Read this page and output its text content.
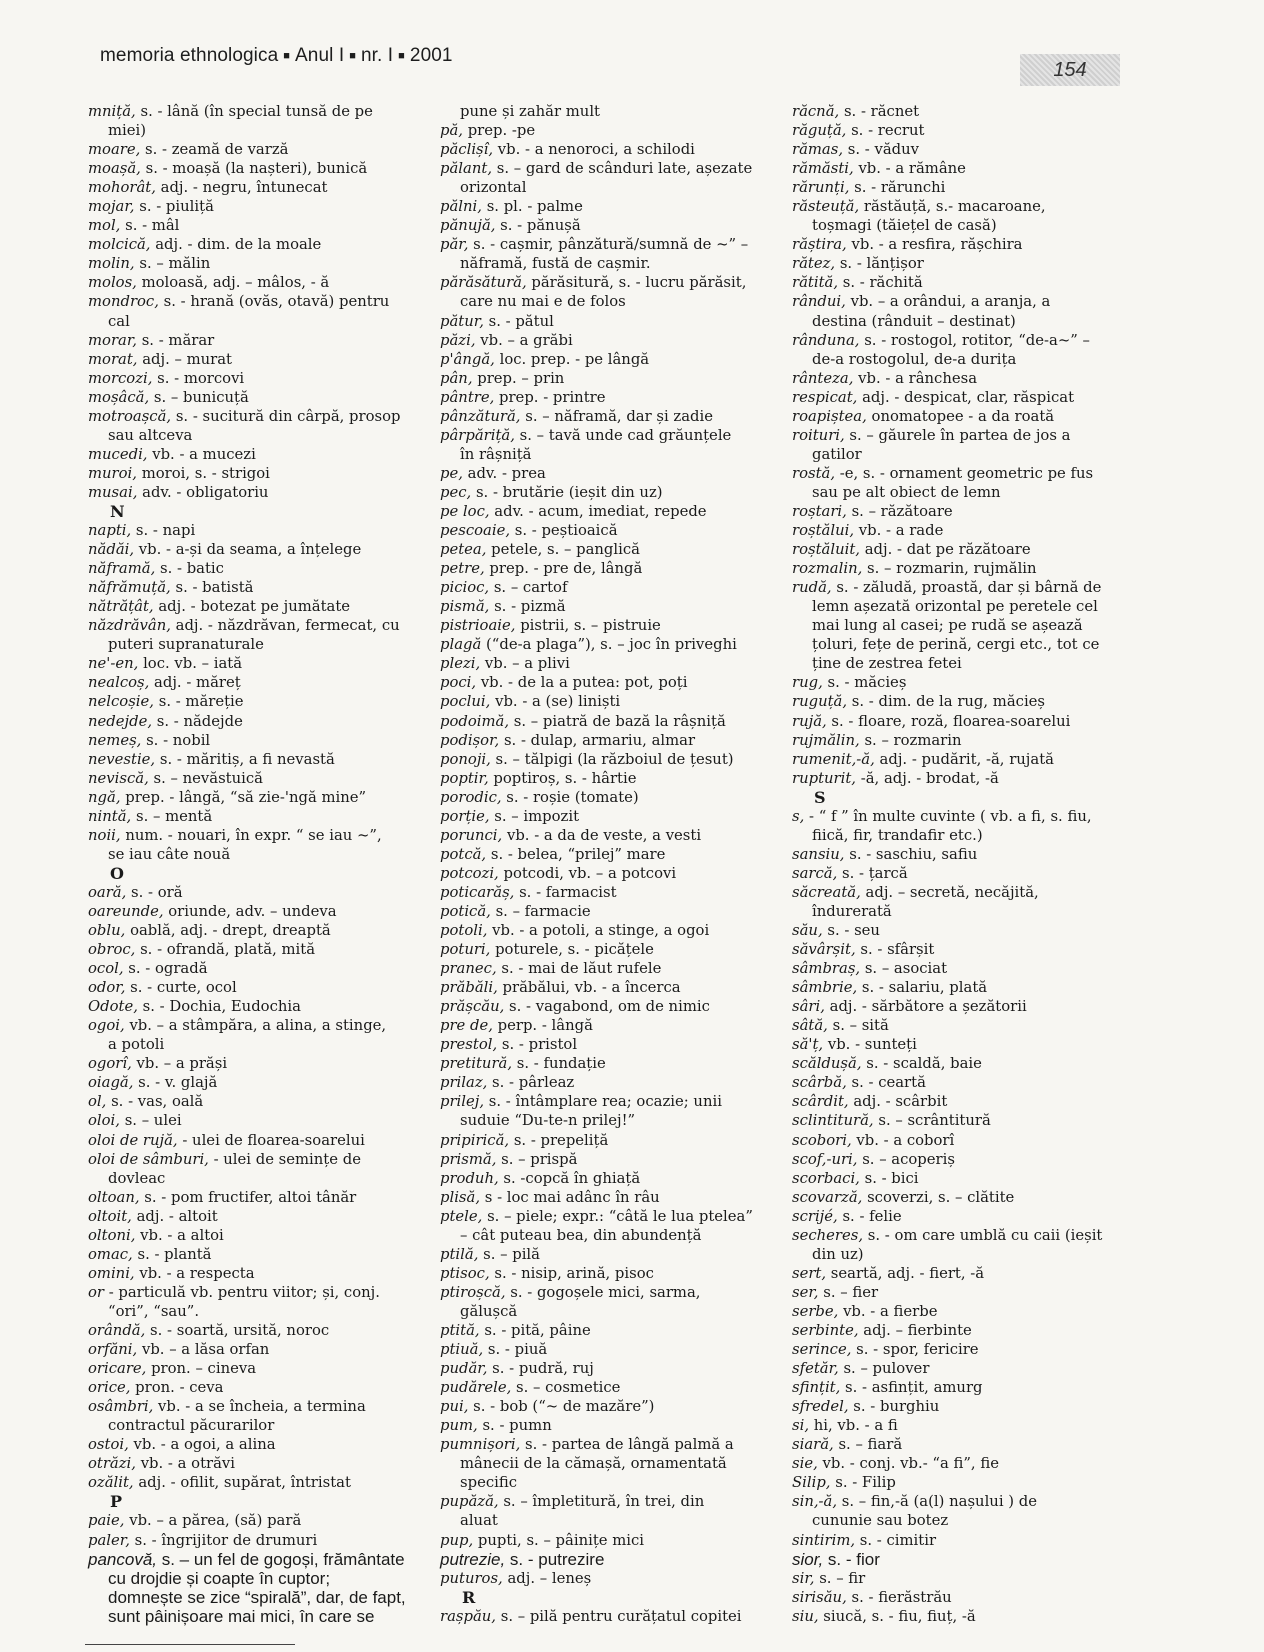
memoria ethnologica ■ Anul I ■ nr. I ■ 2001
154
mniță, s. - lână (în special tunsă de pe
miei)
moare, s. - zeamă de varză
moașă, s. - moașă (la nașteri), bunică
mohorât, adj. - negru, întunecat
mojar, s. - piuliță
mol, s. - mâl
molcică, adj. - dim. de la moale
molin, s. – mălin
molos, moloasă, adj. – mâlos, - ă
mondroc, s. - hrană (ovăs, otavă) pentru
cal
morar, s. - mărar
morat, adj. – murat
morcozi, s. - morcovi
moșâcă, s. – bunicuță
motroașcă, s. - sucitură din cârpă, prosop
sau altceva
mucedi, vb. - a mucezi
muroi, moroi, s. - strigoi
musai, adv. - obligatoriu
N
napti, s. - napi
nădăi, vb. - a-și da seama, a înțelege
năframă, s. - batic
năfrămuță, s. - batistă
nătrățât, adj. - botezat pe jumătate
năzdrăvân, adj. - năzdrăvan, fermecat, cu
puteri supranaturale
ne'-en, loc. vb. – iată
nealcoș, adj. - măreț
nelcoșie, s. - măreție
nedejde, s. - nădejde
nemeș, s. - nobil
nevestie, s. - măritiș, a fi nevastă
neviscă, s. – nevăstuică
ngă, prep. - lângă, “să zie-'ngă mine”
nintă, s. – mentă
noii, num. - nouari, în expr. “ se iau ~”,
se iau câte nouă
O
oară, s. - oră
oareunde, oriunde, adv. – undeva
oblu, oablă, adj. - drept, dreaptă
obroc, s. - ofrandă, plată, mită
ocol, s. - ogradă
odor, s. - curte, ocol
Odote, s. - Dochia, Eudochia
ogoi, vb. – a stâmpăra, a alina, a stinge,
a potoli
ogorî, vb. – a prăși
oiagă, s. - v. glajă
ol, s. - vas, oală
oloi, s. – ulei
oloi de rujă, - ulei de floarea-soarelui
oloi de sâmburi, - ulei de semințe de
dovleac
oltoan, s. - pom fructifer, altoi tânăr
oltoit, adj. - altoit
oltoni, vb. - a altoi
omac, s. - plantă
omini, vb. - a respecta
or - particulă vb. pentru viitor; și, conj.
“ori”, “sau”.
orândă, s. - soartă, ursită, noroc
orfăni, vb. – a lăsa orfan
oricare, pron. – cineva
orice, pron. - ceva
osâmbri, vb. - a se încheia, a termina
contractul păcurarilor
ostoi, vb. - a ogoi, a alina
otrăzi, vb. - a otrăvi
ozălit, adj. - ofilit, supărat, întristat
P
paie, vb. – a părea, (să) pară
paler, s. - îngrijitor de drumuri
pancovă, s. – un fel de gogoși, frământate
cu drojdie și coapte în cuptor;
domnește se zice “spirală”, dar, de fapt,
sunt pâinișoare mai mici, în care se
pune și zahăr mult
pă, prep. -pe
păclișî, vb. - a nenoroci, a schilodi
pălant, s. – gard de scânduri late, așezate
orizontal
pălni, s. pl. - palme
pănujă, s. - pănușă
păr, s. - cașmir, pânzătură/sumnă de ~” –
năframă, fustă de cașmir.
părăsătură, părăsitură, s. - lucru părăsit,
care nu mai e de folos
pătur, s. - pătul
păzi, vb. – a grăbi
p'ângă, loc. prep. - pe lângă
pân, prep. – prin
pântre, prep. - printre
pânzătură, s. – năframă, dar și zadie
pârpăriță, s. – tavă unde cad grăunțele
în râșniță
pe, adv. - prea
pec, s. - brutărie (ieșit din uz)
pe loc, adv. - acum, imediat, repede
pescoaie, s. - peștioaică
petea, petele, s. – panglică
petre, prep. - pre de, lângă
picioc, s. – cartof
pismă, s. - pizmă
pistrioaie, pistrii, s. – pistruie
plagă (“de-a plaga”), s. – joc în priveghi
plezi, vb. – a plivi
poci, vb. - de la a putea: pot, poți
poclui, vb. - a (se) liniști
podoimă, s. – piatră de bază la râșniță
podișor, s. - dulap, armariu, almar
ponoji, s. – tălpigi (la războiul de țesut)
poptir, poptiroș, s. - hârtie
porodic, s. - roșie (tomate)
porție, s. – impozit
porunci, vb. - a da de veste, a vesti
potcă, s. - belea, “prilej” mare
potcozi, potcodi, vb. – a potcovi
poticarăș, s. - farmacist
potică, s. – farmacie
potoli, vb. - a potoli, a stinge, a ogoi
poturi, poturele, s. - picățele
pranec, s. - mai de lăut rufele
prăbăli, prăbălui, vb. - a încerca
prășcău, s. - vagabond, om de nimic
pre de, perp. - lângă
prestol, s. - pristol
pretitură, s. - fundație
prilaz, s. - pârleaz
prilej, s. - întâmplare rea; ocazie; unii
suduie “Du-te-n prilej!”
pripirică, s. - prepeliță
prismă, s. – prispă
produh, s. -copcă în ghiață
plisă, s - loc mai adânc în râu
ptele, s. – piele; expr.: “câtă le lua ptelea”
– cât puteau bea, din abundență
ptilă, s. – pilă
ptisoc, s. - nisip, arină, pisoc
ptiroșcă, s. - gogoșele mici, sarma,
gălușcă
ptită, s. - pită, pâine
ptiuă, s. - piuă
pudăr, s. - pudră, ruj
pudărele, s. – cosmetice
pui, s. - bob (“~ de mazăre”)
pum, s. - pumn
pumnișori, s. - partea de lângă palmă a
mânecii de la cămașă, ornamentată
specific
pupăză, s. – împletitură, în trei, din
aluat
pup, pupti, s. – pâinițe mici
putrezie, s. - putrezire
puturos, adj. – leneș
R
rașpău, s. – pilă pentru curățatul copitei
răcnă, s. - răcnet
răguță, s. - recrut
rămas, s. - văduv
rămăsti, vb. - a rămâne
rărunți, s. - rărunchi
răsteuță, răstăuță, s.- macaroane,
toșmagi (tăiețel de casă)
răștira, vb. - a resfira, rășchira
rătez, s. - lănțișor
rătită, s. - răchită
rândui, vb. – a orândui, a aranja, a
destina (rânduit – destinat)
rânduna, s. - rostogol, rotitor, “de-a~” –
de-a rostogolul, de-a durița
rânteza, vb. - a rânchesa
respicat, adj. - despicat, clar, răspicat
roapiștea, onomatopee - a da roată
roituri, s. – găurele în partea de jos a
gatilor
rostă, -e, s. - ornament geometric pe fus
sau pe alt obiect de lemn
roștari, s. – răzătoare
roștălui, vb. - a rade
roștăluit, adj. - dat pe răzătoare
rozmalin, s. – rozmarin, rujmălin
rudă, s. - zăludă, proastă, dar și bârnă de
lemn așezată orizontal pe peretele cel
mai lung al casei; pe rudă se așează
țoluri, fețe de perină, cergi etc., tot ce
ține de zestrea fetei
rug, s. - măcieș
ruguță, s. - dim. de la rug, măcieș
rujă, s. - floare, roză, floarea-soarelui
rujmălin, s. – rozmarin
rumenit,-ă, adj. - pudărit, -ă, rujată
rupturit, -ă, adj. - brodat, -ă
S
s, - “ f ” în multe cuvinte ( vb. a fi, s. fiu,
fiică, fir, trandafir etc.)
sansiu, s. - saschiu, safiu
sarcă, s. - țarcă
săcreată, adj. – secretă, necăjită,
îndurerată
său, s. - seu
săvârșit, s. - sfârșit
sâmbraș, s. – asociat
sâmbrie, s. - salariu, plată
sâri, adj. - sărbătore a șezătorii
sâtă, s. – sită
să'ț, vb. - sunteți
scăldușă, s. - scaldă, baie
scârbă, s. - ceartă
scârdit, adj. - scârbit
sclintitură, s. – scrântitură
scobori, vb. - a coborî
scof,-uri, s. – acoperiș
scorbaci, s. - bici
scovarză, scoverzi, s. – clătite
scrijé, s. - felie
secheres, s. - om care umblă cu caii (ieșit
din uz)
sert, seartă, adj. - fiert, -ă
ser, s. – fier
serbe, vb. - a fierbe
serbinte, adj. – fierbinte
serince, s. - spor, fericire
sfetăr, s. – pulover
sfințit, s. - asfințit, amurg
sfredel, s. - burghiu
si, hi, vb. - a fi
siară, s. – fiară
sie, vb. - conj. vb.- “a fi”, fie
Silip, s. - Filip
sin,-ă, s. – fin,-ă (a(l) nașului ) de
cununie sau botez
sintirim, s. - cimitir
sior, s. - fior
sir, s. – fir
sirisău, s. - fierăstrău
siu, siucă, s. - fiu, fiuț, -ă
